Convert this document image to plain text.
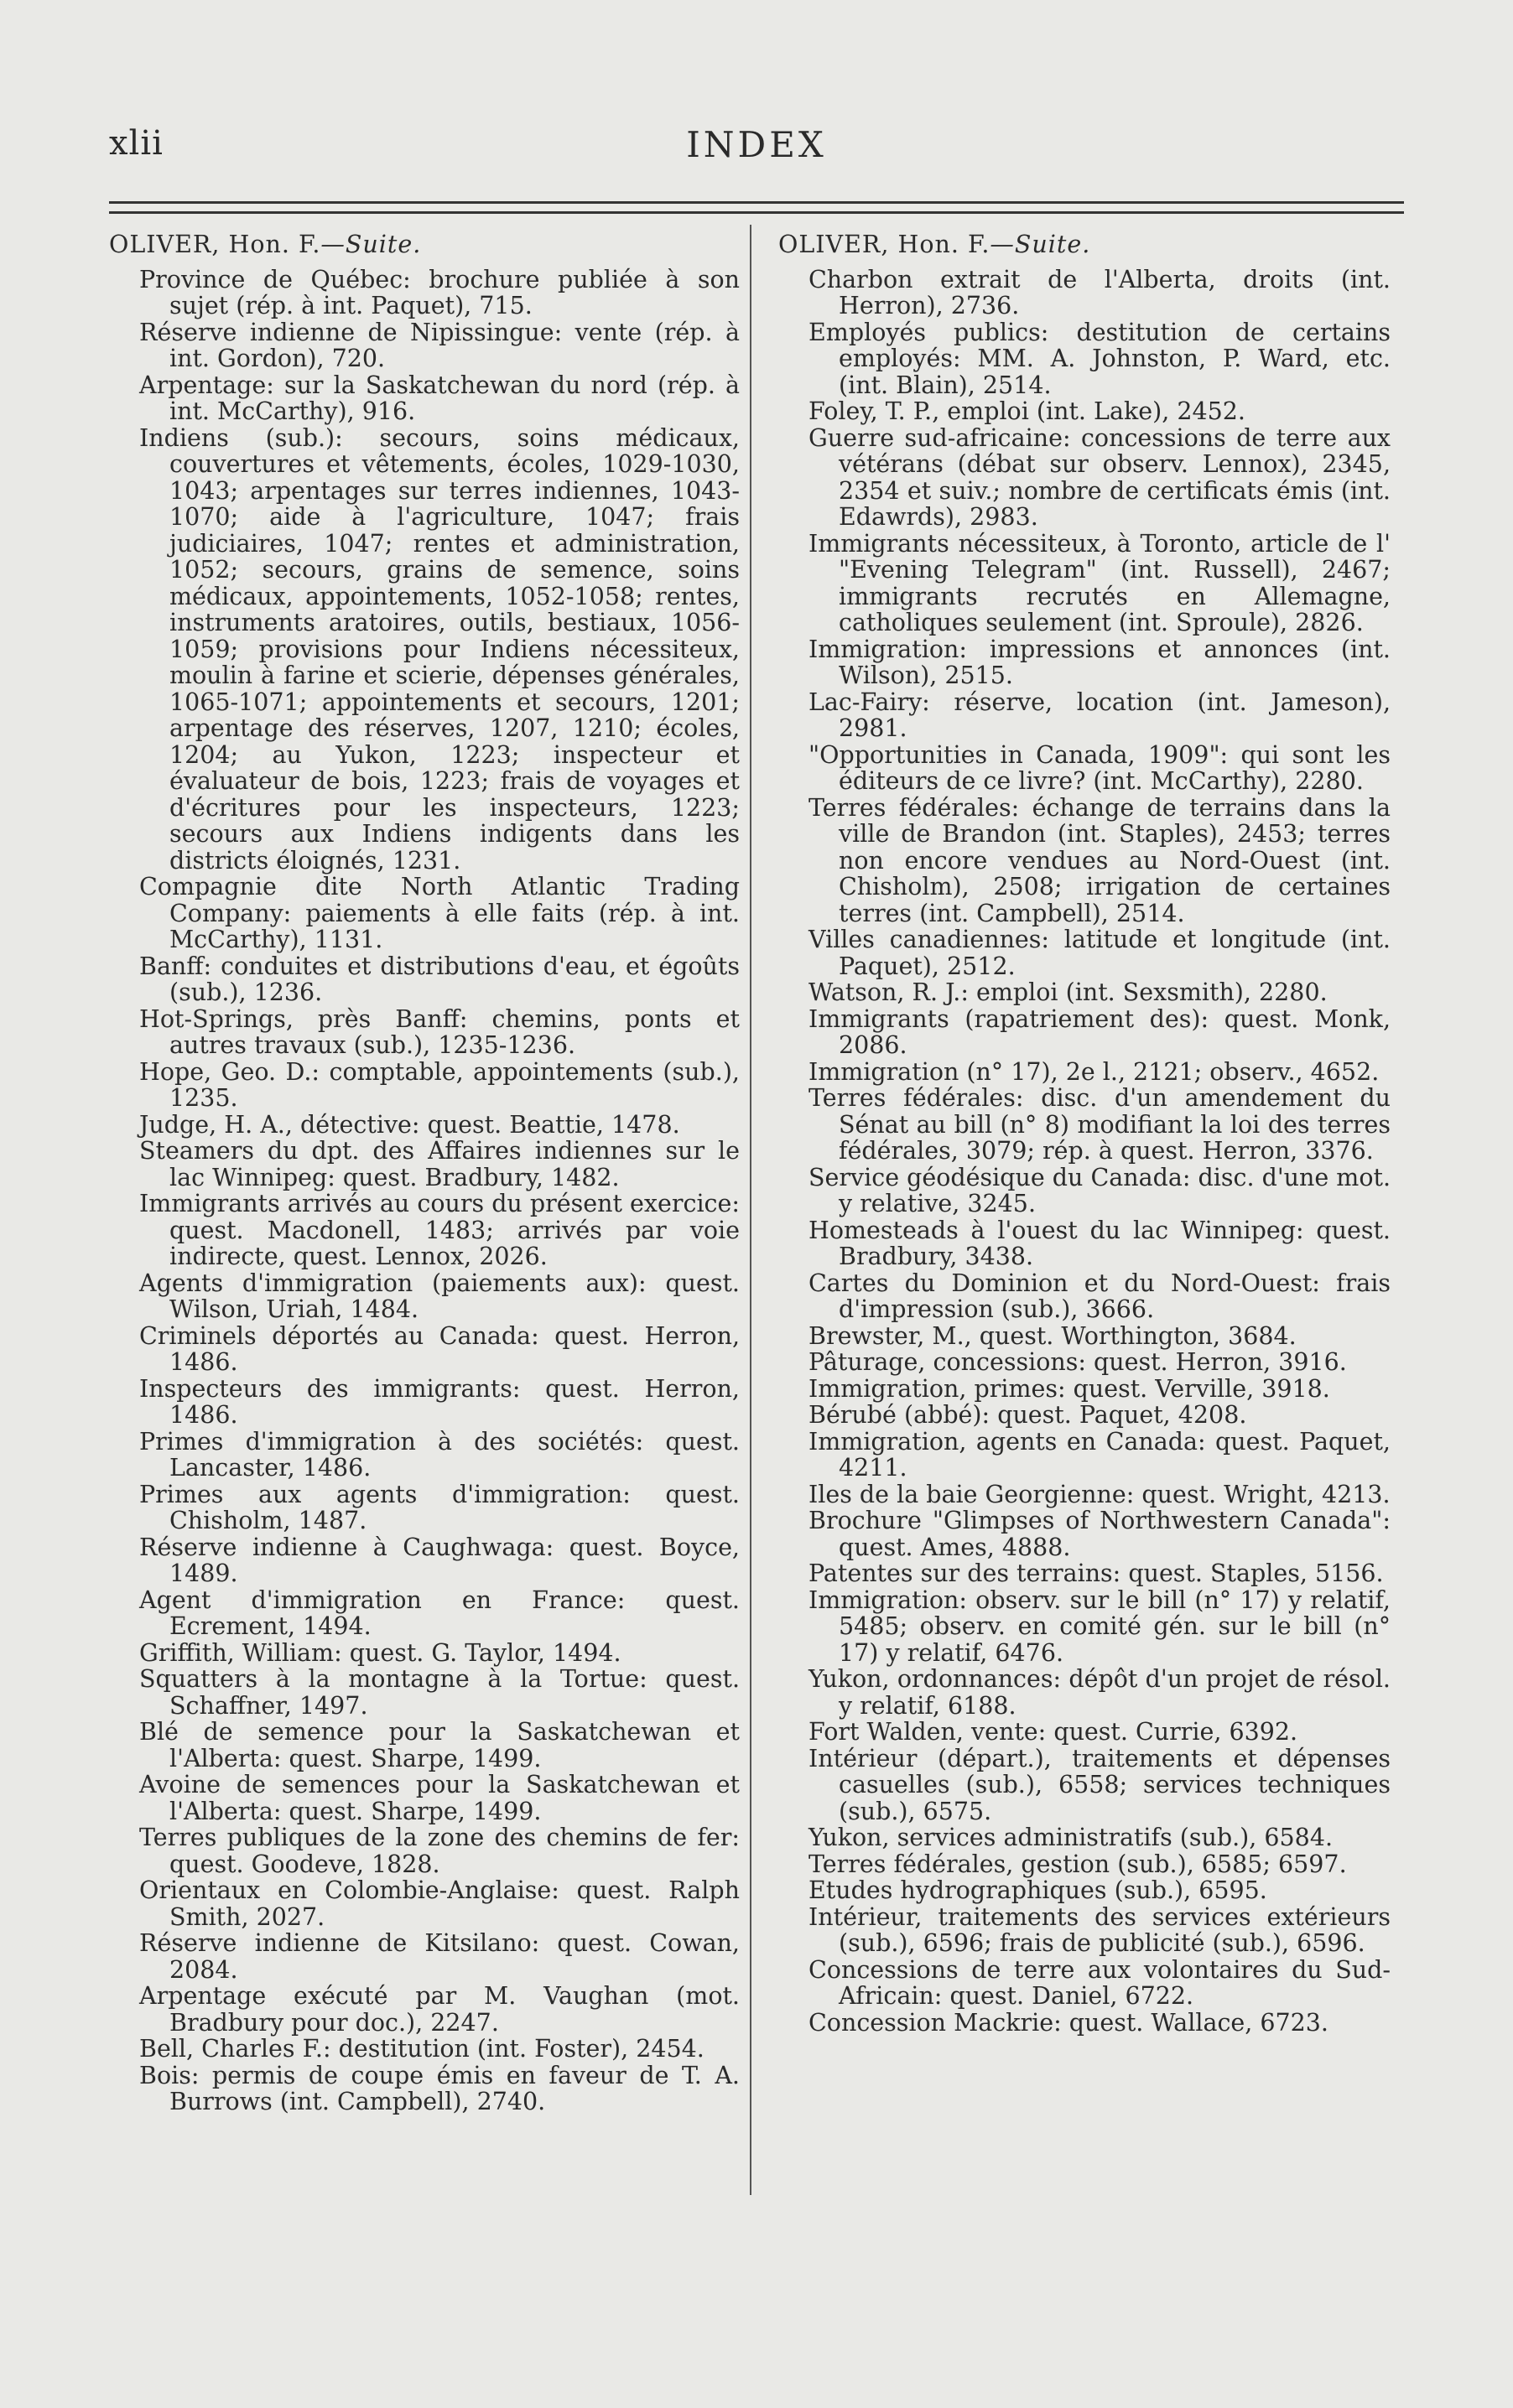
xlii	INDEX
OLIVER, Hon. F.—Suite.

Province de Québec: brochure publiée à son sujet (rép. à int. Paquet), 715.

Réserve indienne de Nipissingue: vente (rép. à int. Gordon), 720.

Arpentage: sur la Saskatchewan du nord (rép. à int. McCarthy), 916.

Indiens (sub.): secours, soins médicaux, couvertures et vêtements, écoles, 1029-1030, 1043; arpentages sur terres indiennes, 1043-1070; aide à l'agriculture, 1047; frais judiciaires, 1047; rentes et administration, 1052; secours, grains de semence, soins médicaux, appointements, 1052-1058; rentes, instruments aratoires, outils, bestiaux, 1056-1059; provisions pour Indiens nécessiteux, moulin à farine et scierie, dépenses générales, 1065-1071; appointements et secours, 1201; arpentage des réserves, 1207, 1210; écoles, 1204; au Yukon, 1223; inspecteur et évaluateur de bois, 1223; frais de voyages et d'écritures pour les inspecteurs, 1223; secours aux Indiens indigents dans les districts éloignés, 1231.

Compagnie dite North Atlantic Trading Company: paiements à elle faits (rép. à int. McCarthy), 1131.

Banff: conduites et distributions d'eau, et égoûts (sub.), 1236.

Hot-Springs, près Banff: chemins, ponts et autres travaux (sub.), 1235-1236.

Hope, Geo. D.: comptable, appointements (sub.), 1235.

Judge, H. A., détective: quest. Beattie, 1478.

Steamers du dpt. des Affaires indiennes sur le lac Winnipeg: quest. Bradbury, 1482.

Immigrants arrivés au cours du présent exercice: quest. Macdonell, 1483; arrivés par voie indirecte, quest. Lennox, 2026.

Agents d'immigration (paiements aux): quest. Wilson, Uriah, 1484.

Criminels déportés au Canada: quest. Herron, 1486.

Inspecteurs des immigrants: quest. Herron, 1486.

Primes d'immigration à des sociétés: quest. Lancaster, 1486.

Primes aux agents d'immigration: quest. Chisholm, 1487.

Réserve indienne à Caughwaga: quest. Boyce, 1489.

Agent d'immigration en France: quest. Ecrement, 1494.

Griffith, William: quest. G. Taylor, 1494.

Squatters à la montagne à la Tortue: quest. Schaffner, 1497.

Blé de semence pour la Saskatchewan et l'Alberta: quest. Sharpe, 1499.

Avoine de semences pour la Saskatchewan et l'Alberta: quest. Sharpe, 1499.

Terres publiques de la zone des chemins de fer: quest. Goodeve, 1828.

Orientaux en Colombie-Anglaise: quest. Ralph Smith, 2027.

Réserve indienne de Kitsilano: quest. Cowan, 2084.

Arpentage exécuté par M. Vaughan (mot. Bradbury pour doc.), 2247.

Bell, Charles F.: destitution (int. Foster), 2454.

Bois: permis de coupe émis en faveur de T. A. Burrows (int. Campbell), 2740.

OLIVER, Hon. F.—Suite.

Charbon extrait de l'Alberta, droits (int. Herron), 2736.

Employés publics: destitution de certains employés: MM. A. Johnston, P. Ward, etc. (int. Blain), 2514.

Foley, T. P., emploi (int. Lake), 2452.

Guerre sud-africaine: concessions de terre aux vétérans (débat sur observ. Lennox), 2345, 2354 et suiv.; nombre de certificats émis (int. Edawrds), 2983.

Immigrants nécessiteux, à Toronto, article de l' "Evening Telegram" (int. Russell), 2467; immigrants recrutés en Allemagne, catholiques seulement (int. Sproule), 2826.

Immigration: impressions et annonces (int. Wilson), 2515.

Lac-Fairy: réserve, location (int. Jameson), 2981.

"Opportunities in Canada, 1909": qui sont les éditeurs de ce livre? (int. McCarthy), 2280.

Terres fédérales: échange de terrains dans la ville de Brandon (int. Staples), 2453; terres non encore vendues au Nord-Ouest (int. Chisholm), 2508; irrigation de certaines terres (int. Campbell), 2514.

Villes canadiennes: latitude et longitude (int. Paquet), 2512.

Watson, R. J.: emploi (int. Sexsmith), 2280.

Immigrants (rapatriement des): quest. Monk, 2086.

Immigration (n° 17), 2e l., 2121; observ., 4652.

Terres fédérales: disc. d'un amendement du Sénat au bill (n° 8) modifiant la loi des terres fédérales, 3079; rép. à quest. Herron, 3376.

Service géodésique du Canada: disc. d'une mot. y relative, 3245.

Homesteads à l'ouest du lac Winnipeg: quest. Bradbury, 3438.

Cartes du Dominion et du Nord-Ouest: frais d'impression (sub.), 3666.

Brewster, M., quest. Worthington, 3684.

Pâturage, concessions: quest. Herron, 3916.

Immigration, primes: quest. Verville, 3918.

Bérubé (abbé): quest. Paquet, 4208.

Immigration, agents en Canada: quest. Paquet, 4211.

Iles de la baie Georgienne: quest. Wright, 4213.

Brochure "Glimpses of Northwestern Canada": quest. Ames, 4888.

Patentes sur des terrains: quest. Staples, 5156.

Immigration: observ. sur le bill (n° 17) y relatif, 5485; observ. en comité gén. sur le bill (n° 17) y relatif, 6476.

Yukon, ordonnances: dépôt d'un projet de résol. y relatif, 6188.

Fort Walden, vente: quest. Currie, 6392.

Intérieur (départ.), traitements et dépenses casuelles (sub.), 6558; services techniques (sub.), 6575.

Yukon, services administratifs (sub.), 6584.

Terres fédérales, gestion (sub.), 6585; 6597.

Etudes hydrographiques (sub.), 6595.

Intérieur, traitements des services extérieurs (sub.), 6596; frais de publicité (sub.), 6596.

Concessions de terre aux volontaires du Sud-Africain: quest. Daniel, 6722.

Concession Mackrie: quest. Wallace, 6723.
